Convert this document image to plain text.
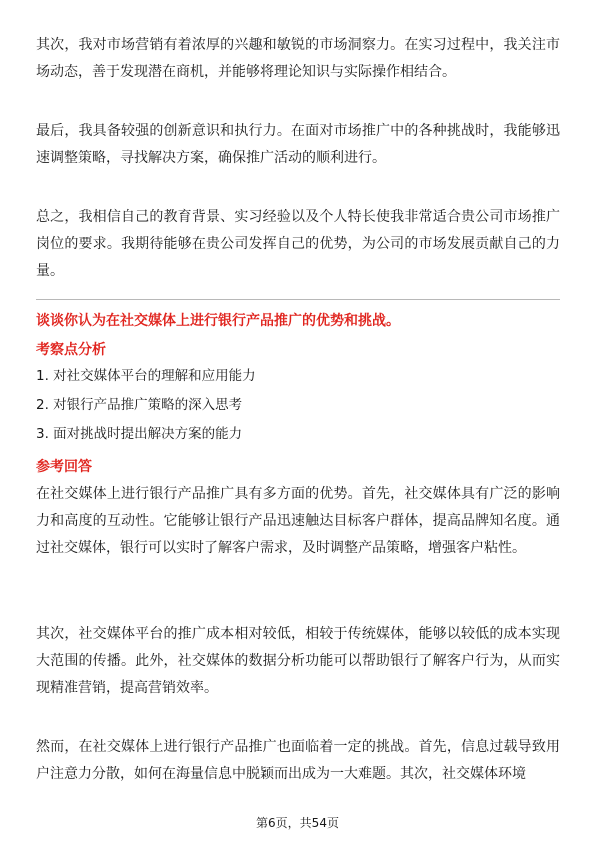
其次，我对市场营销有着浓厚的兴趣和敏锐的市场洞察力。在实习过程中，我关注市场动态，善于发现潜在商机，并能够将理论知识与实际操作相结合。

最后，我具备较强的创新意识和执行力。在面对市场推广中的各种挑战时，我能够迅速调整策略，寻找解决方案，确保推广活动的顺利进行。

总之，我相信自己的教育背景、实习经验以及个人特长使我非常适合贵公司市场推广岗位的要求。我期待能够在贵公司发挥自己的优势，为公司的市场发展贡献自己的力量。

谈谈你认为在社交媒体上进行银行产品推广的优势和挑战。

考察点分析

1. 对社交媒体平台的理解和应用能力

2. 对银行产品推广策略的深入思考

3. 面对挑战时提出解决方案的能力

参考回答

在社交媒体上进行银行产品推广具有多方面的优势。首先，社交媒体具有广泛的影响力和高度的互动性。它能够让银行产品迅速触达目标客户群体，提高品牌知名度。通过社交媒体，银行可以实时了解客户需求，及时调整产品策略，增强客户粘性。

其次，社交媒体平台的推广成本相对较低，相较于传统媒体，能够以较低的成本实现大范围的传播。此外，社交媒体的数据分析功能可以帮助银行了解客户行为，从而实现精准营销，提高营销效率。

然而，在社交媒体上进行银行产品推广也面临着一定的挑战。首先，信息过载导致用户注意力分散，如何在海量信息中脱颖而出成为一大难题。其次，社交媒体环境

第6页，共54页
